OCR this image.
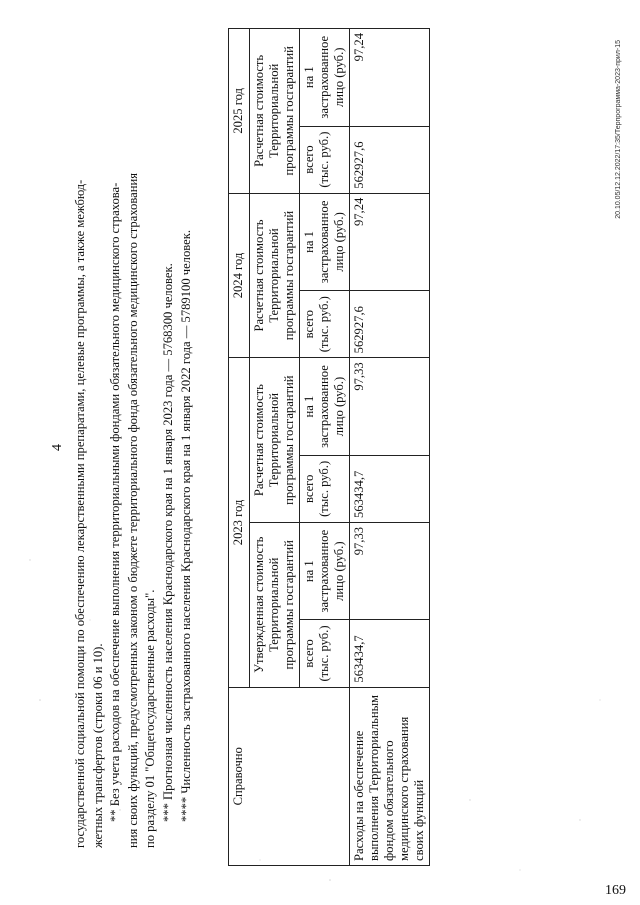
4 государственной социальной помощи по обеспечению лекарственными препаратами, целевые программы, а также межбюд- жетных трансфертов (строки 06 и 10). ** Без учета расходов на обеспечение выполнения территориальными фондами обязательного медицинского страхова- ния своих функций, предусмотренных законом о бюджете территориального фонда обязательного медицинского страхования по разделу 01 "Общегосударственные расходы". *** Прогнозная численность населения Краснодарского края на 1 января 2023 года — 5768300 человек. **** Численность застрахованного населения Краснодарского края на 1 января 2022 года — 5789100 человек.	Справочно	2023 год				2024 год		2025 год	
	Утвержденная стоимость Территориальной программы госгарантий		Расчетная стоимость Территориальной программы госгарантий		Расчетная стоимость Территориальной программы госгарантий		Расчетная стоимость Территориальной программы госгарантий	
	всего (тыс. руб.)	на 1 застрахованное лицо (руб.)	всего (тыс. руб.)	на 1 застрахованное лицо (руб.)	всего (тыс. руб.)	на 1 застрахованное лицо (руб.)	всего (тыс. руб.)	на 1 застрахованное лицо (руб.)
Расходы на обеспечение выполнения Территориальным фондом обязательного медицинского страхования своих функций	563434,7	97,33	563434,7	97,33	562927,6	97,24	562927,6	97,24	20.10.05/12.12.2022/17:35/Терпрограмма-2023-прил-15
169
